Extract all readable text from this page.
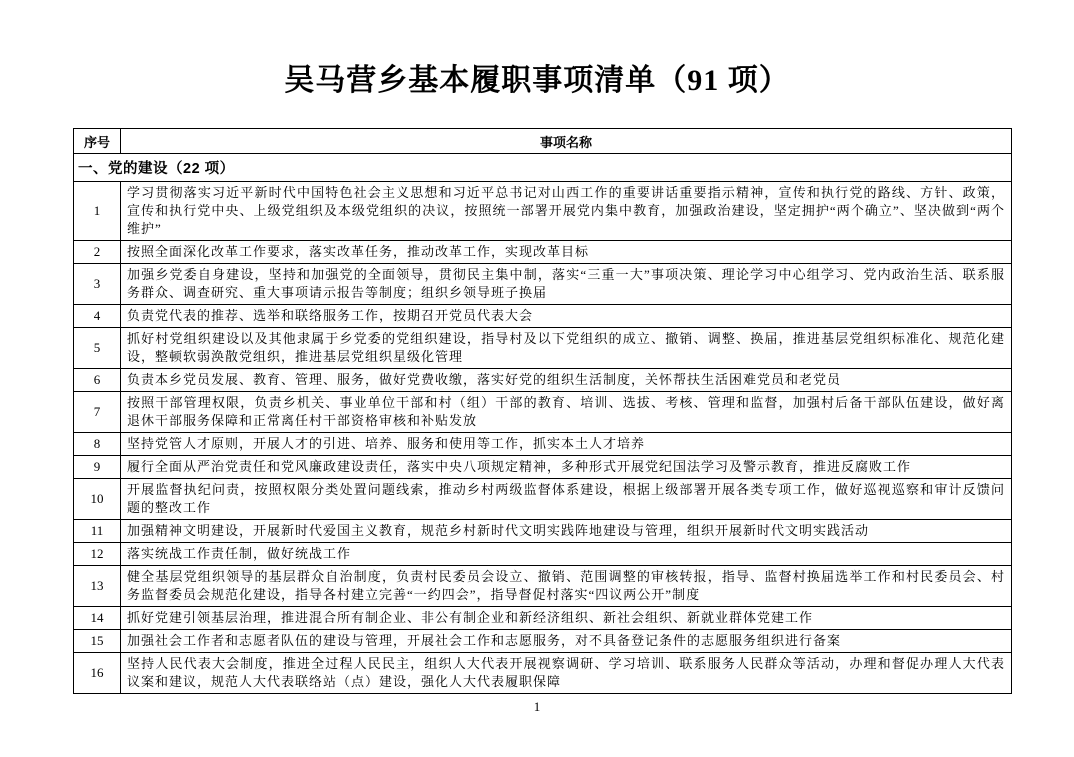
吴马营乡基本履职事项清单（91 项）
序号	事项名称
一、党的建设（22 项）	
1	学习贯彻落实习近平新时代中国特色社会主义思想和习近平总书记对山西工作的重要讲话重要指示精神，宣传和执行党的路线、方针、政策，宣传和执行党中央、上级党组织及本级党组织的决议，按照统一部署开展党内集中教育，加强政治建设，坚定拥护“两个确立”、坚决做到“两个维护”
2	按照全面深化改革工作要求，落实改革任务，推动改革工作，实现改革目标
3	加强乡党委自身建设，坚持和加强党的全面领导，贯彻民主集中制，落实“三重一大”事项决策、理论学习中心组学习、党内政治生活、联系服务群众、调查研究、重大事项请示报告等制度；组织乡领导班子换届
4	负责党代表的推荐、选举和联络服务工作，按期召开党员代表大会
5	抓好村党组织建设以及其他隶属于乡党委的党组织建设，指导村及以下党组织的成立、撤销、调整、换届，推进基层党组织标准化、规范化建设，整顿软弱涣散党组织，推进基层党组织星级化管理
6	负责本乡党员发展、教育、管理、服务，做好党费收缴，落实好党的组织生活制度，关怀帮扶生活困难党员和老党员
7	按照干部管理权限，负责乡机关、事业单位干部和村（组）干部的教育、培训、选拔、考核、管理和监督，加强村后备干部队伍建设，做好离退休干部服务保障和正常离任村干部资格审核和补贴发放
8	坚持党管人才原则，开展人才的引进、培养、服务和使用等工作，抓实本土人才培养
9	履行全面从严治党责任和党风廉政建设责任，落实中央八项规定精神，多种形式开展党纪国法学习及警示教育，推进反腐败工作
10	开展监督执纪问责，按照权限分类处置问题线索，推动乡村两级监督体系建设，根据上级部署开展各类专项工作，做好巡视巡察和审计反馈问题的整改工作
11	加强精神文明建设，开展新时代爱国主义教育，规范乡村新时代文明实践阵地建设与管理，组织开展新时代文明实践活动
12	落实统战工作责任制，做好统战工作
13	健全基层党组织领导的基层群众自治制度，负责村民委员会设立、撤销、范围调整的审核转报，指导、监督村换届选举工作和村民委员会、村务监督委员会规范化建设，指导各村建立完善“一约四会”，指导督促村落实“四议两公开”制度
14	抓好党建引领基层治理，推进混合所有制企业、非公有制企业和新经济组织、新社会组织、新就业群体党建工作
15	加强社会工作者和志愿者队伍的建设与管理，开展社会工作和志愿服务，对不具备登记条件的志愿服务组织进行备案
16	坚持人民代表大会制度，推进全过程人民民主，组织人大代表开展视察调研、学习培训、联系服务人民群众等活动，办理和督促办理人大代表议案和建议，规范人大代表联络站（点）建设，强化人大代表履职保障
1
